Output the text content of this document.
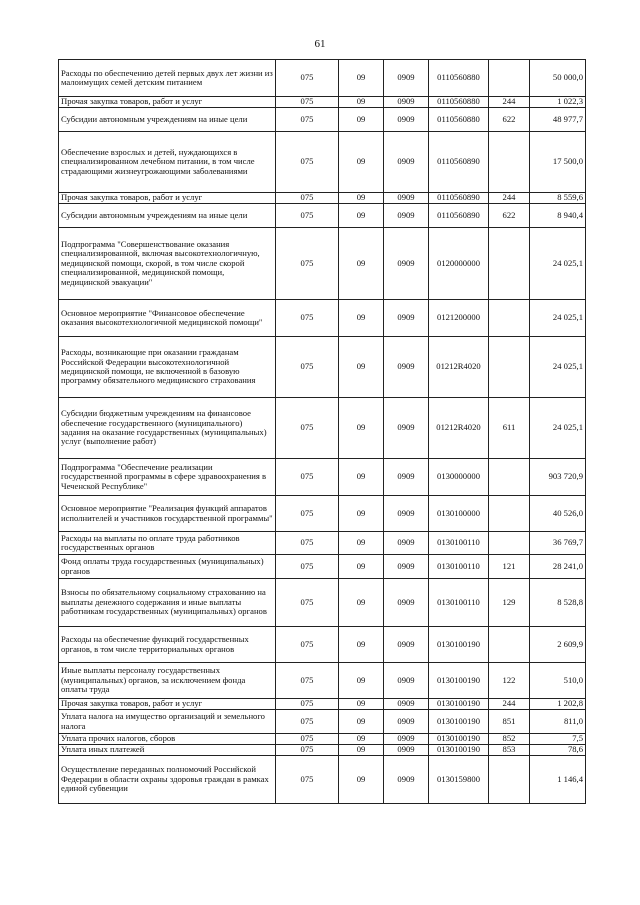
61
Расходы по обеспечению детей первых двух лет жизни из малоимущих семей детским питанием	075	09	0909	0110560880		50 000,0
Прочая закупка товаров, работ и услуг	075	09	0909	0110560880	244	1 022,3
Субсидии автономным учреждениям на иные цели	075	09	0909	0110560880	622	48 977,7
Обеспечение взрослых и детей, нуждающихся в специализированном лечебном питании, в том числе страдающими жизнеугрожающими заболеваниями	075	09	0909	0110560890		17 500,0
Прочая закупка товаров, работ и услуг	075	09	0909	0110560890	244	8 559,6
Субсидии автономным учреждениям на иные цели	075	09	0909	0110560890	622	8 940,4
Подпрограмма "Совершенствование оказания специализированной, включая высокотехнологичную, медицинской помощи, скорой, в том числе скорой специализированной, медицинской помощи, медицинской эвакуации"	075	09	0909	0120000000		24 025,1
Основное мероприятие "Финансовое обеспечение оказания высокотехнологичной медицинской помощи"	075	09	0909	0121200000		24 025,1
Расходы, возникающие при оказании гражданам Российской Федерации высокотехнологичной медицинской помощи, не включенной в базовую программу обязательного медицинского страхования	075	09	0909	01212R4020		24 025,1
Субсидии бюджетным учреждениям на финансовое обеспечение государственного (муниципального) задания на оказание государственных (муниципальных) услуг (выполнение работ)	075	09	0909	01212R4020	611	24 025,1
Подпрограмма "Обеспечение реализации государственной программы в сфере здравоохранения в Чеченской Республике"	075	09	0909	0130000000		903 720,9
Основное мероприятие "Реализация функций аппаратов исполнителей и участников государственной программы"	075	09	0909	0130100000		40 526,0
Расходы на выплаты по оплате труда работников государственных органов	075	09	0909	0130100110		36 769,7
Фонд оплаты труда государственных (муниципальных) органов	075	09	0909	0130100110	121	28 241,0
Взносы по обязательному социальному страхованию на выплаты денежного содержания и иные выплаты работникам государственных (муниципальных) органов	075	09	0909	0130100110	129	8 528,8
Расходы на обеспечение функций государственных органов, в том числе территориальных органов	075	09	0909	0130100190		2 609,9
Иные выплаты персоналу государственных (муниципальных) органов, за исключением фонда оплаты труда	075	09	0909	0130100190	122	510,0
Прочая закупка товаров, работ и услуг	075	09	0909	0130100190	244	1 202,8
Уплата налога на имущество организаций и земельного налога	075	09	0909	0130100190	851	811,0
Уплата прочих налогов, сборов	075	09	0909	0130100190	852	7,5
Уплата иных платежей	075	09	0909	0130100190	853	78,6
Осуществление переданных полномочий Российской Федерации в области охраны здоровья граждан в рамках единой субвенции	075	09	0909	0130159800		1 146,4
